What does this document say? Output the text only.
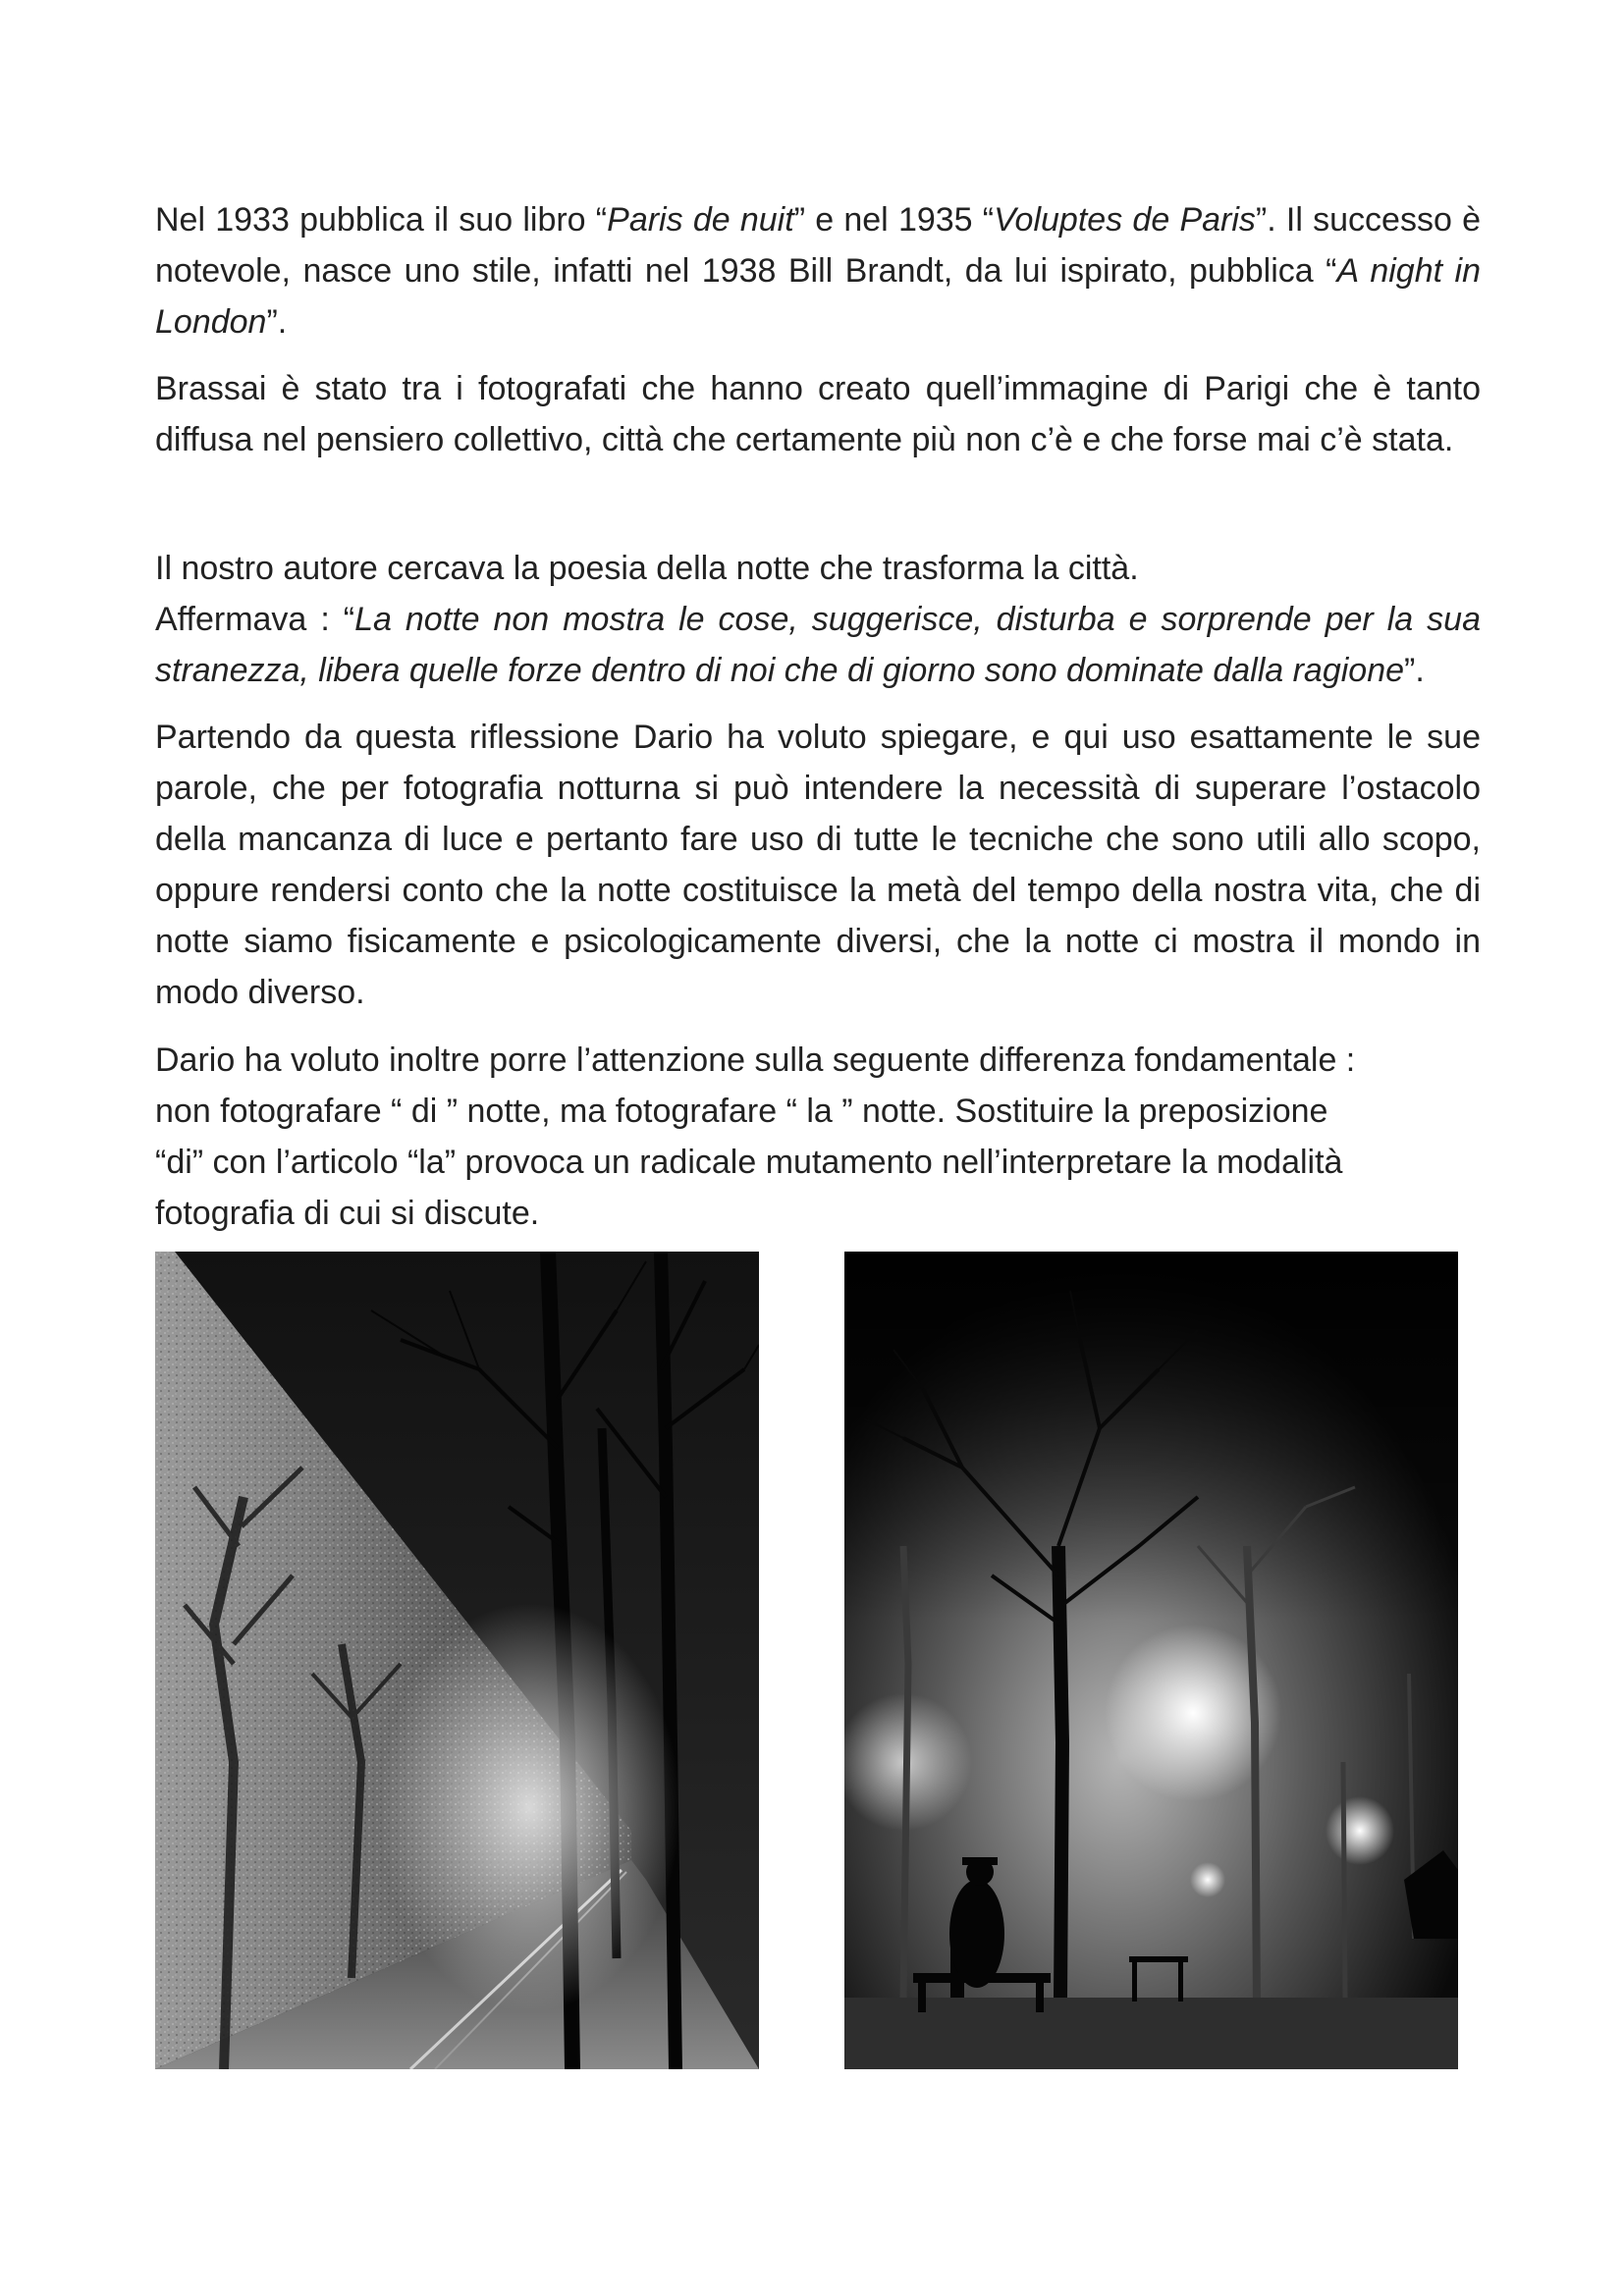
Nel 1933 pubblica il suo libro “Paris de nuit” e nel 1935 “Voluptes de Paris”. Il successo è notevole, nasce uno stile, infatti nel 1938 Bill Brandt, da lui ispirato, pubblica “A night in London”.

Brassai è stato tra i fotografati che hanno creato quell’immagine di Parigi che è tanto diffusa nel pensiero collettivo, città che certamente più non c’è e che forse mai c’è stata.

Il nostro autore cercava la poesia della notte che trasforma la città.

Affermava : “La notte non mostra le cose, suggerisce, disturba e sorprende per la sua stranezza, libera quelle forze dentro di noi che di giorno sono dominate dalla ragione”.

Partendo da questa riflessione Dario ha voluto spiegare, e qui uso esattamente le sue parole, che per fotografia notturna si può intendere la necessità di superare l’ostacolo della mancanza di luce e pertanto fare uso di tutte le tecniche che sono utili allo scopo, oppure rendersi conto che la notte costituisce la metà del tempo della nostra vita, che di notte siamo fisicamente e psicologicamente diversi, che la notte ci mostra il mondo in modo diverso.

Dario ha voluto inoltre porre l’attenzione sulla seguente differenza fondamentale :

non fotografare “ di ” notte, ma fotografare “ la ” notte. Sostituire la preposizione

“di” con l’articolo “la” provoca un radicale mutamento nell’interpretare la modalità

fotografia di cui si discute.
